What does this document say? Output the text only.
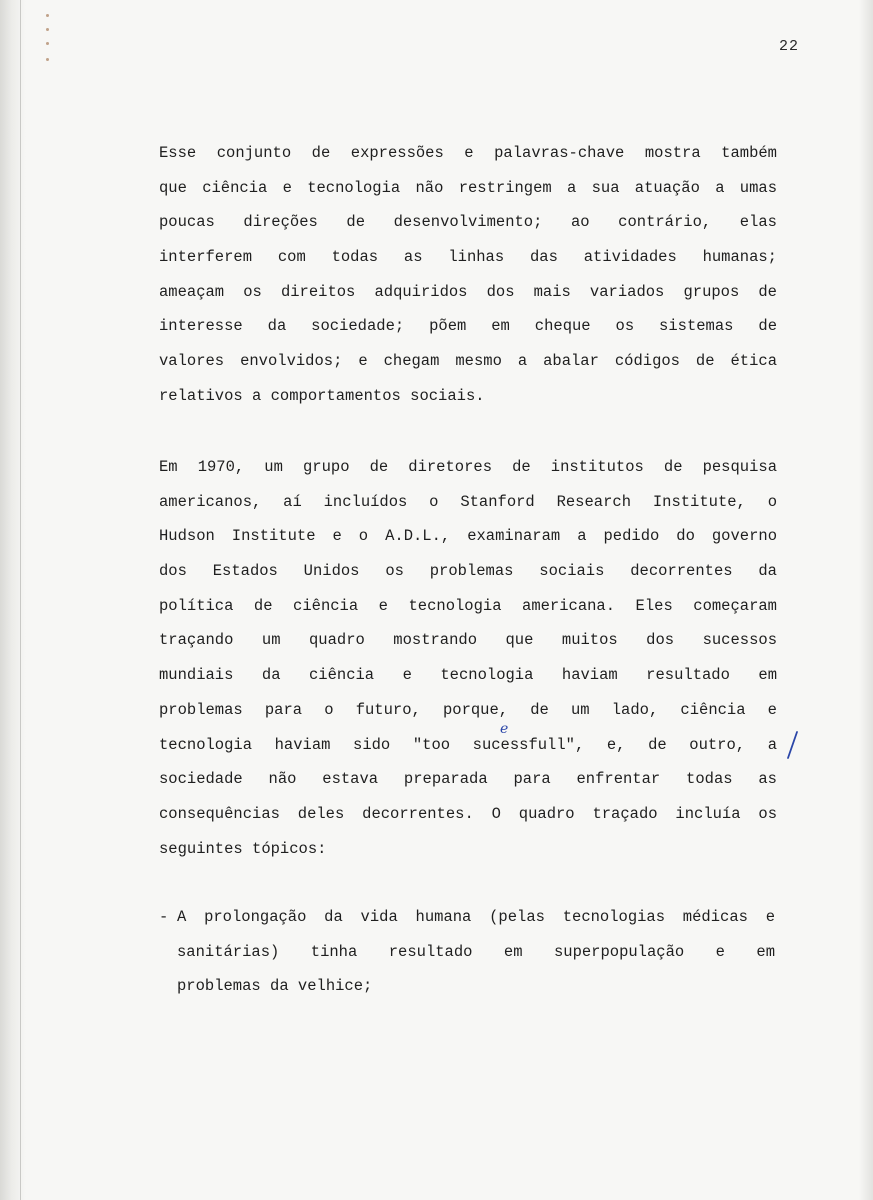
22
Esse conjunto de expressões e palavras-chave mostra também
que ciência e tecnologia não restringem a sua atuação a umas
poucas direções de desenvolvimento; ao contrário, elas
interferem com todas as linhas das atividades humanas;
ameaçam os direitos adquiridos dos mais variados grupos de
interesse da sociedade; põem em cheque os sistemas de
valores envolvidos; e chegam mesmo a abalar códigos de ética
relativos a comportamentos sociais.
Em 1970, um grupo de diretores de institutos de pesquisa
americanos, aí incluídos o Stanford Research Institute, o
Hudson Institute e o A.D.L., examinaram a pedido do governo
dos Estados Unidos os problemas sociais decorrentes da
política de ciência e tecnologia americana. Eles começaram
traçando um quadro mostrando que muitos dos sucessos
mundiais da ciência e tecnologia haviam resultado em
problemas para o futuro, porque, de um lado, ciência e
tecnologia haviam sido "too sucessfull", e, de outro, a
sociedade não estava preparada para enfrentar todas as
consequências deles decorrentes. O quadro traçado incluía os
seguintes tópicos:
- A prolongação da vida humana (pelas tecnologias médicas e
sanitárias) tinha resultado em superpopulação e em
problemas da velhice;
e
